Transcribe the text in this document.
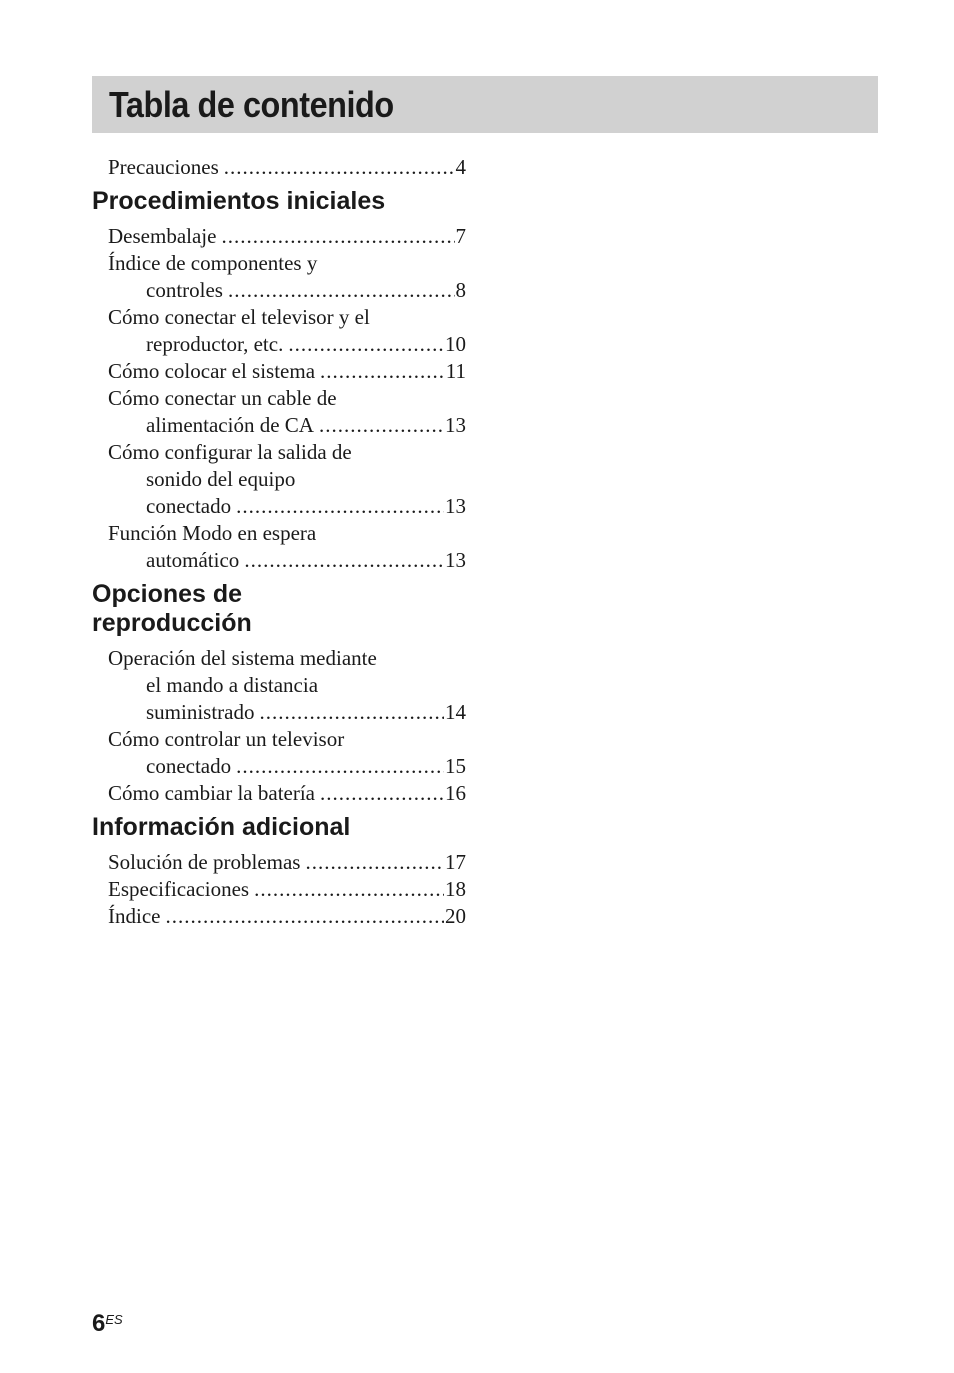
Tabla de contenido
Precauciones .....	4
Procedimientos iniciales
Desembalaje .....	7
Índice de componentes y
controles .....	8
Cómo conectar el televisor y el
reproductor, etc. .....	10
Cómo colocar el sistema .....	11
Cómo conectar un cable de
alimentación de CA .....	13
Cómo configurar la salida de
sonido del equipo
conectado .....	13
Función Modo en espera
automático .....	13
Opciones de
reproducción
Operación del sistema mediante
el mando a distancia
suministrado .....	14
Cómo controlar un televisor
conectado .....	15
Cómo cambiar la batería .....	16
Información adicional
Solución de problemas .....	17
Especificaciones .....	18
Índice .....	20
$6^{ES}$
